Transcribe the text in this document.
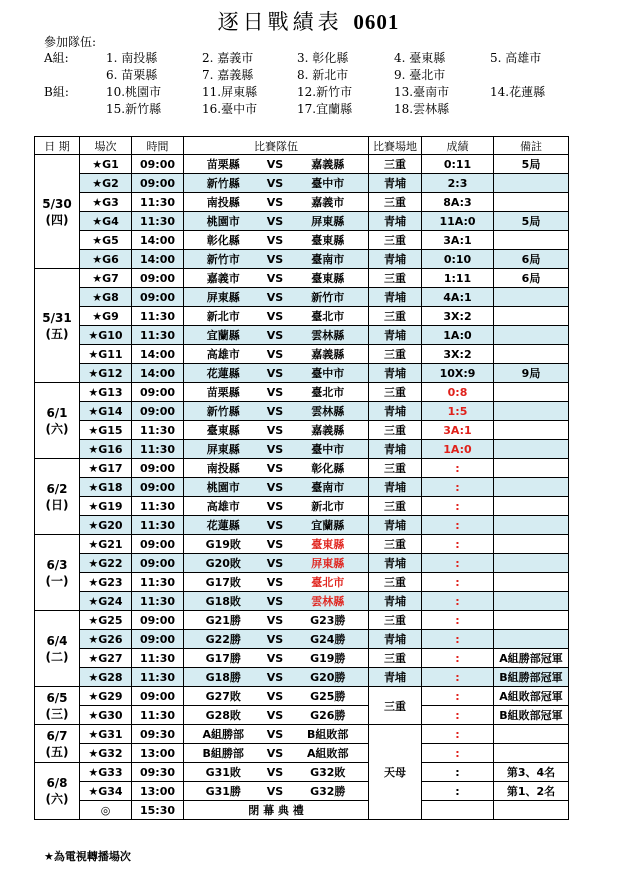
逐日戰績表 0601
參加隊伍:
A組:	1. 南投縣	2. 嘉義市	3. 彰化縣	4. 臺東縣	5. 高雄市
6. 苗栗縣	7. 嘉義縣	8. 新北市	9. 臺北市
B組:	10.桃園市	11.屏東縣	12.新竹市	13.臺南市	14.花蓮縣
15.新竹縣	16.臺中市	17.宜蘭縣	18.雲林縣
日 期	場次	時間	比賽隊伍			比賽場地	成績	備註

5/30
(四)	★G1	09:00	苗栗縣	VS	嘉義縣	三重	0:11	5局
	★G2	09:00	新竹縣	VS	臺中市	青埔	2:3	
	★G3	11:30	南投縣	VS	嘉義市	三重	8A:3	
	★G4	11:30	桃園市	VS	屏東縣	青埔	11A:0	5局
	★G5	14:00	彰化縣	VS	臺東縣	三重	3A:1	
	★G6	14:00	新竹市	VS	臺南市	青埔	0:10	6局

5/31
(五)	★G7	09:00	嘉義市	VS	臺東縣	三重	1:11	6局
	★G8	09:00	屏東縣	VS	新竹市	青埔	4A:1	
	★G9	11:30	新北市	VS	臺北市	三重	3X:2	
	★G10	11:30	宜蘭縣	VS	雲林縣	青埔	1A:0	
	★G11	14:00	高雄市	VS	嘉義縣	三重	3X:2	
	★G12	14:00	花蓮縣	VS	臺中市	青埔	10X:9	9局

6/1
(六)	★G13	09:00	苗栗縣	VS	臺北市	三重	0:8	
	★G14	09:00	新竹縣	VS	雲林縣	青埔	1:5	
	★G15	11:30	臺東縣	VS	嘉義縣	三重	3A:1	
	★G16	11:30	屏東縣	VS	臺中市	青埔	1A:0	

6/2
(日)	★G17	09:00	南投縣	VS	彰化縣	三重	:	
	★G18	09:00	桃園市	VS	臺南市	青埔	:	
	★G19	11:30	高雄市	VS	新北市	三重	:	
	★G20	11:30	花蓮縣	VS	宜蘭縣	青埔	:	

6/3
(一)	★G21	09:00	G19敗	VS	臺東縣	三重	:	
	★G22	09:00	G20敗	VS	屏東縣	青埔	:	
	★G23	11:30	G17敗	VS	臺北市	三重	:	
	★G24	11:30	G18敗	VS	雲林縣	青埔	:	

6/4
(二)	★G25	09:00	G21勝	VS	G23勝	三重	:	
	★G26	09:00	G22勝	VS	G24勝	青埔	:	
	★G27	11:30	G17勝	VS	G19勝	三重	:	A組勝部冠軍
	★G28	11:30	G18勝	VS	G20勝	青埔	:	B組勝部冠軍

6/5
(三)	★G29	09:00	G27敗	VS	G25勝	三重	:	A組敗部冠軍
	★G30	11:30	G28敗	VS	G26勝		:	B組敗部冠軍

6/7
(五)	★G31	09:30	A組勝部	VS	B組敗部	天母	:	
	★G32	13:00	B組勝部	VS	A組敗部		:	

6/8
(六)	★G33	09:30	G31敗	VS	G32敗		:	第3、4名
	★G34	13:00	G31勝	VS	G32勝		:	第1、2名
	◎	15:30	閉 幕 典 禮					
★為電視轉播場次
